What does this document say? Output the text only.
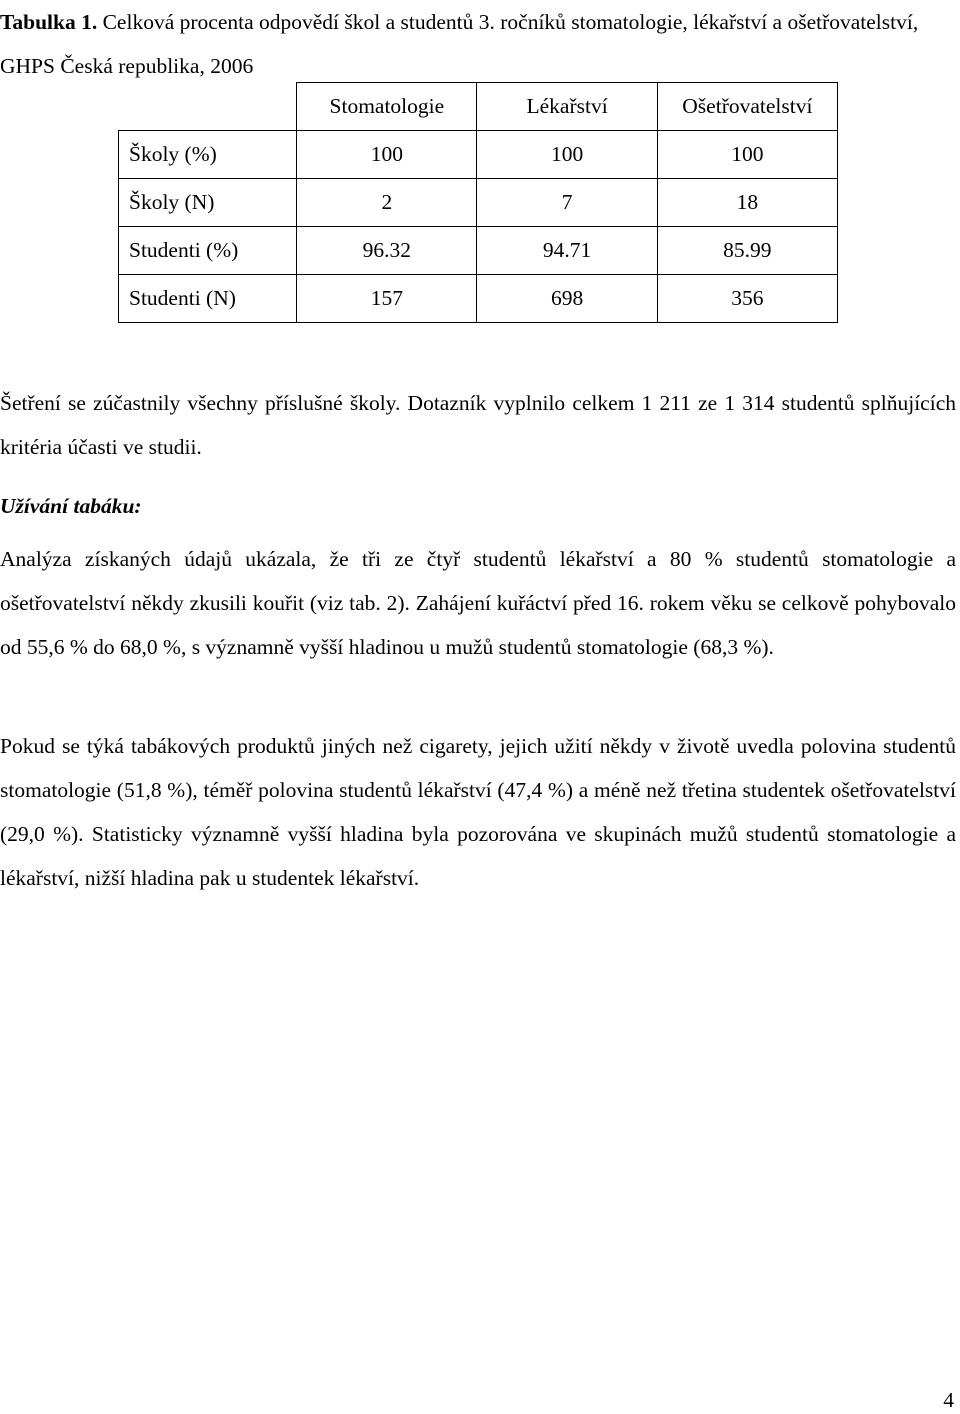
Tabulka 1. Celková procenta odpovědí škol a studentů 3. ročníků stomatologie, lékařství a ošetřovatelství, GHPS Česká republika, 2006

	Stomatologie	Lékařství	Ošetřovatelství
Školy (%)	100	100	100
Školy (N)	2	7	18
Studenti (%)	96.32	94.71	85.99
Studenti (N)	157	698	356

Šetření se zúčastnily všechny příslušné školy. Dotazník vyplnilo celkem 1 211 ze 1 314 studentů splňujících kritéria účasti ve studii.

Užívání tabáku:

Analýza získaných údajů ukázala, že tři ze čtyř studentů lékařství a 80 % studentů stomatologie a ošetřovatelství někdy zkusili kouřit (viz tab. 2). Zahájení kuřáctví před 16. rokem věku se celkově pohybovalo od 55,6 % do 68,0 %, s významně vyšší hladinou u mužů studentů stomatologie (68,3 %).

Pokud se týká tabákových produktů jiných než cigarety, jejich užití někdy v životě uvedla polovina studentů stomatologie (51,8 %), téměř polovina studentů lékařství (47,4 %) a méně než třetina studentek ošetřovatelství (29,0 %). Statisticky významně vyšší hladina byla pozorována ve skupinách mužů studentů stomatologie a lékařství, nižší hladina pak u studentek lékařství.

4
